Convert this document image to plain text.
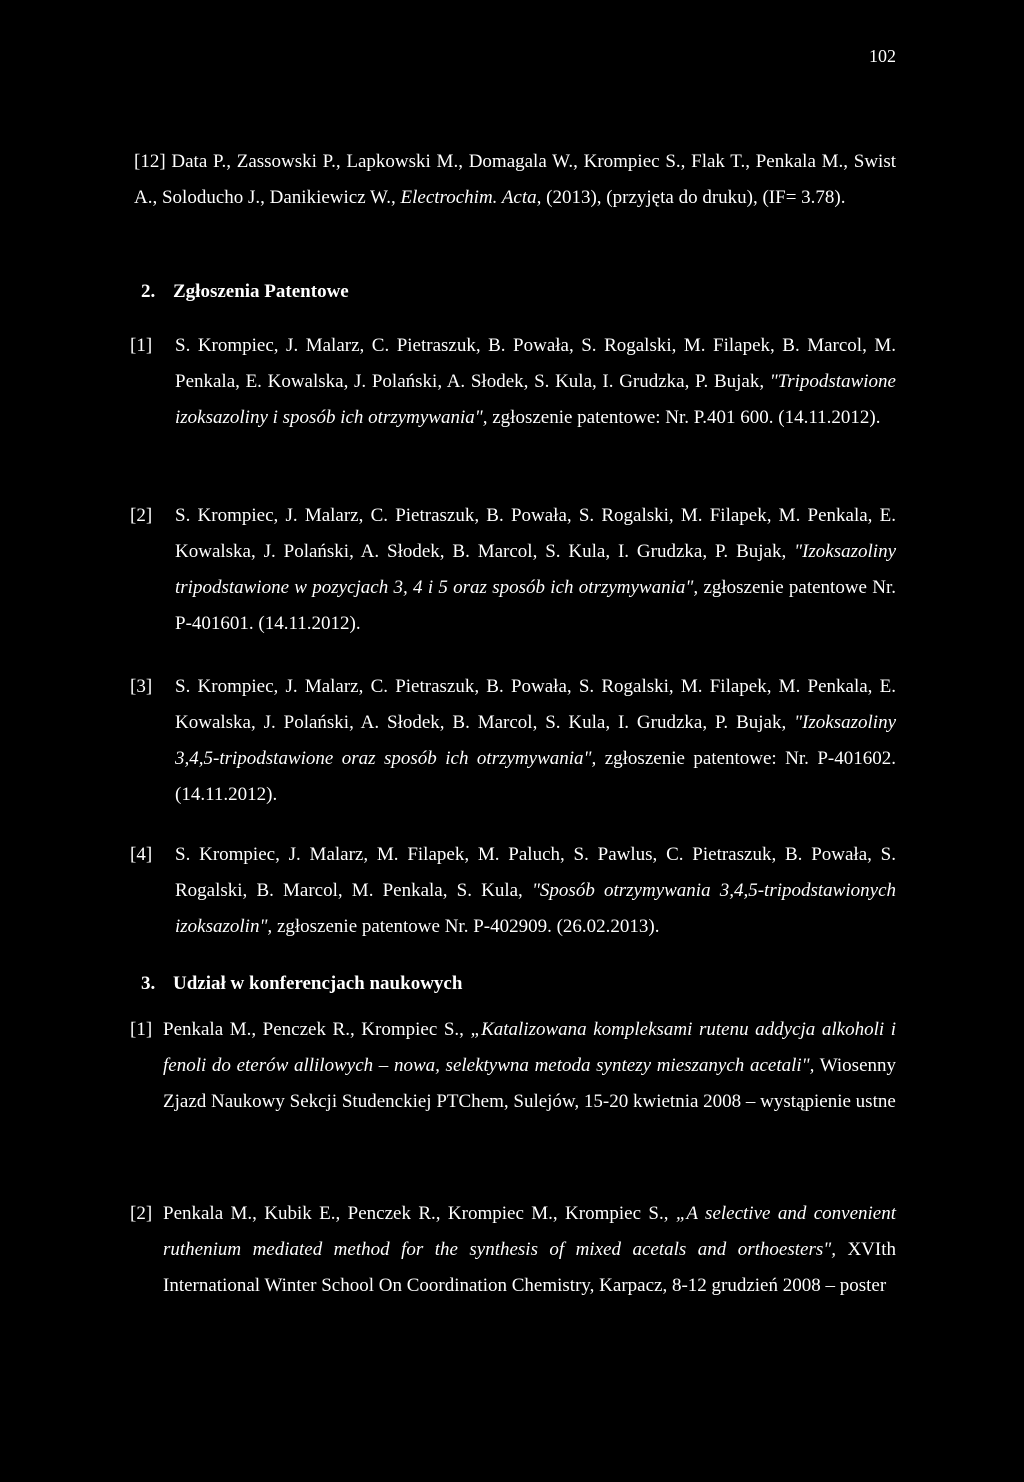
102
[12] Data P., Zassowski P., Lapkowski M., Domagala W., Krompiec S., Flak T., Penkala M., Swist A., Soloducho J., Danikiewicz W., Electrochim. Acta, (2013), (przyjęta do druku), (IF= 3.78).
2. Zgłoszenia Patentowe
[1] S. Krompiec, J. Malarz, C. Pietraszuk, B. Powała, S. Rogalski, M. Filapek, B. Marcol, M. Penkala, E. Kowalska, J. Polański, A. Słodek, S. Kula, I. Grudzka, P. Bujak, "Tripodstawione izoksazoliny i sposób ich otrzymywania", zgłoszenie patentowe: Nr. P.401 600. (14.11.2012).
[2] S. Krompiec, J. Malarz, C. Pietraszuk, B. Powała, S. Rogalski, M. Filapek, M. Penkala, E. Kowalska, J. Polański, A. Słodek, B. Marcol, S. Kula, I. Grudzka, P. Bujak, "Izoksazoliny tripodstawione w pozycjach 3, 4 i 5 oraz sposób ich otrzymywania", zgłoszenie patentowe Nr. P-401601. (14.11.2012).
[3] S. Krompiec, J. Malarz, C. Pietraszuk, B. Powała, S. Rogalski, M. Filapek, M. Penkala, E. Kowalska, J. Polański, A. Słodek, B. Marcol, S. Kula, I. Grudzka, P. Bujak, "Izoksazoliny 3,4,5-tripodstawione oraz sposób ich otrzymywania", zgłoszenie patentowe: Nr. P-401602. (14.11.2012).
[4] S. Krompiec, J. Malarz, M. Filapek, M. Paluch, S. Pawlus, C. Pietraszuk, B. Powała, S. Rogalski, B. Marcol, M. Penkala, S. Kula, "Sposób otrzymywania 3,4,5-tripodstawionych izoksazolin", zgłoszenie patentowe Nr. P-402909. (26.02.2013).
3. Udział w konferencjach naukowych
[1] Penkala M., Penczek R., Krompiec S., „Katalizowana kompleksami rutenu addycja alkoholi i fenoli do eterów allilowych – nowa, selektywna metoda syntezy mieszanych acetali", Wiosenny Zjazd Naukowy Sekcji Studenckiej PTChem, Sulejów, 15-20 kwietnia 2008 – wystąpienie ustne
[2] Penkala M., Kubik E., Penczek R., Krompiec M., Krompiec S., „A selective and convenient ruthenium mediated method for the synthesis of mixed acetals and orthoesters", XVIth International Winter School On Coordination Chemistry, Karpacz, 8-12 grudzień 2008 – poster
